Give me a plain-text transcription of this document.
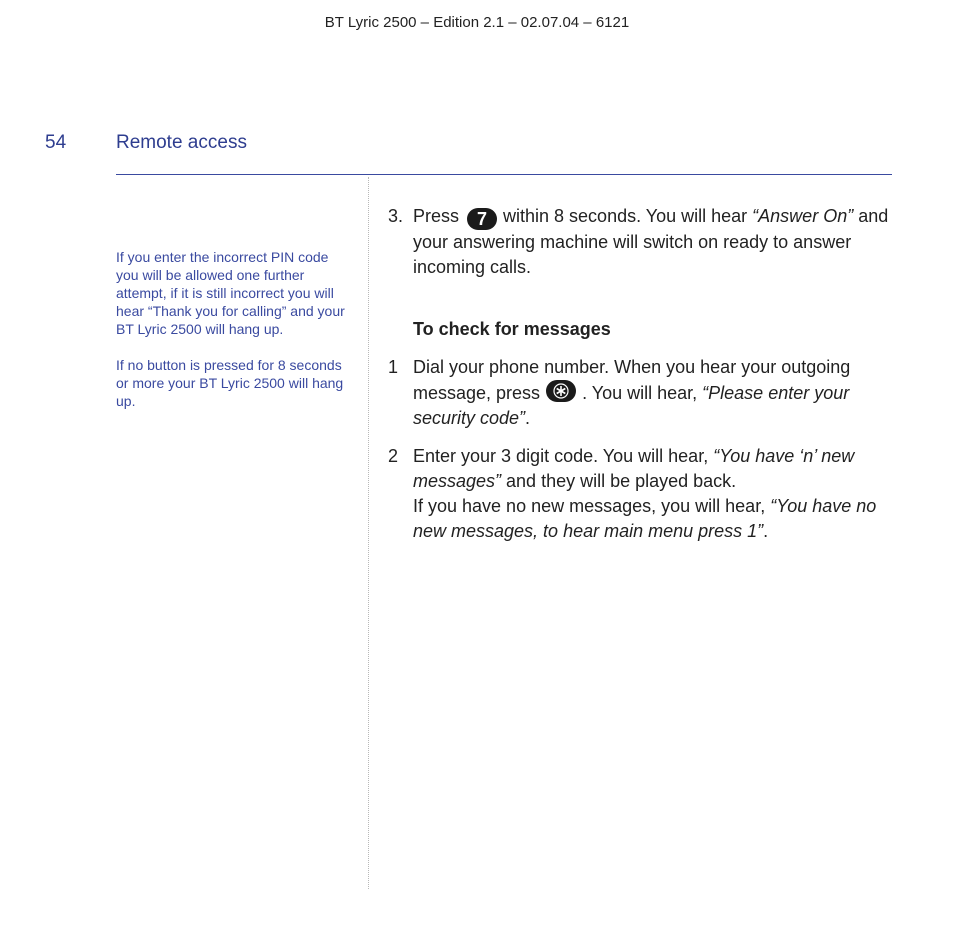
BT Lyric 2500 – Edition 2.1 – 02.07.04 – 6121
54	Remote access

If you enter the incorrect PIN code you will be allowed one further attempt, if it is still incorrect you will hear “Thank you for calling” and your BT Lyric 2500 will hang up.

If no button is pressed for 8 seconds or more your BT Lyric 2500 will hang up.

3. Press 7 within 8 seconds. You will hear “Answer On” and your answering machine will switch on ready to answer incoming calls.

To check for messages
1 Dial your phone number. When you hear your outgoing message, press . You will hear, “Please enter your security code”.

2 Enter your 3 digit code. You will hear, “You have ‘n’ new messages” and they will be played back.

If you have no new messages, you will hear, “You have no new messages, to hear main menu press 1”.
